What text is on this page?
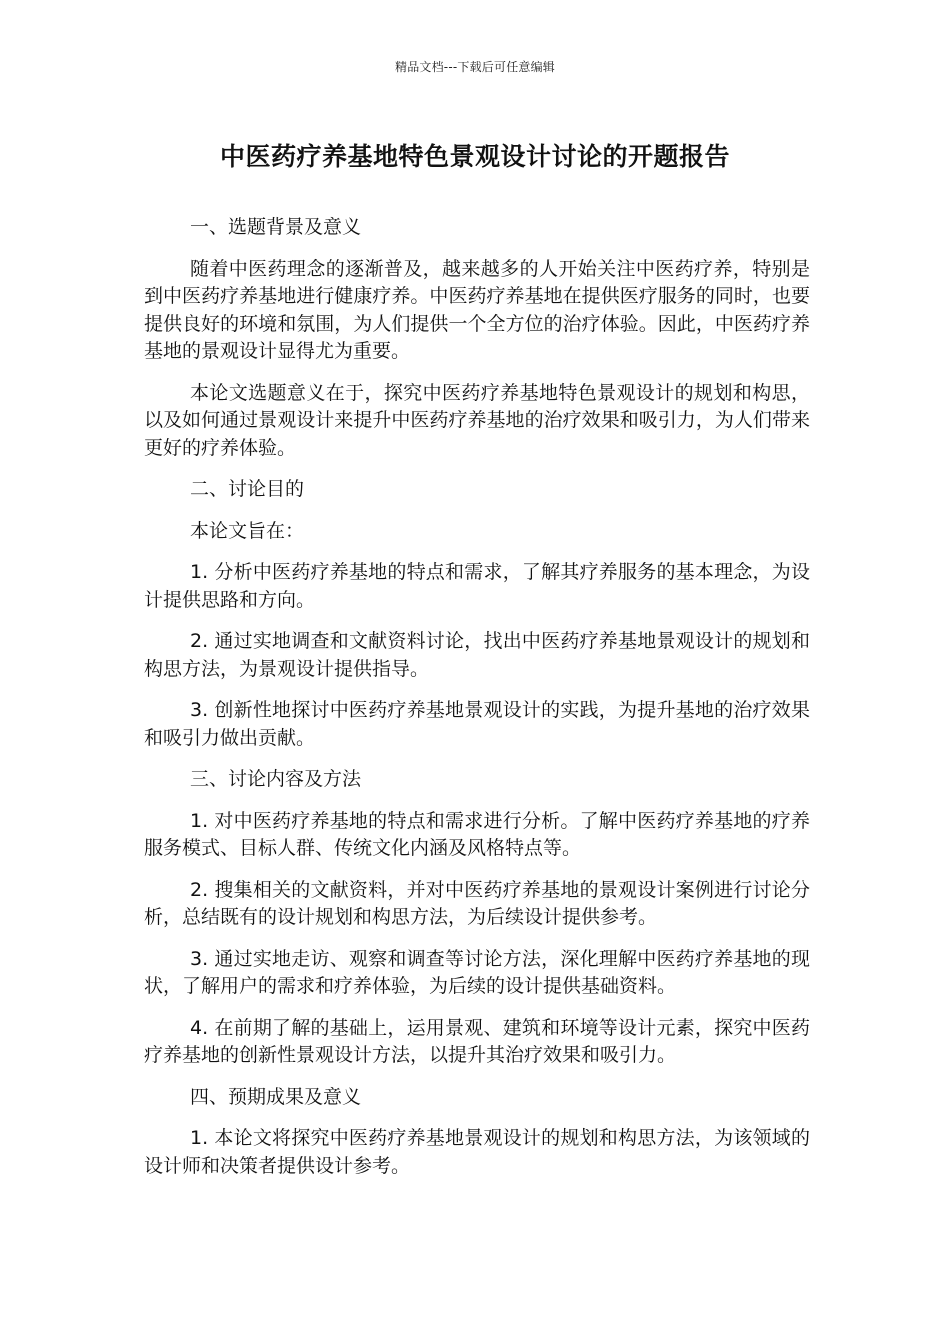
精品文档---下载后可任意编辑
中医药疗养基地特色景观设计讨论的开题报告

一、选题背景及意义

随着中医药理念的逐渐普及，越来越多的人开始关注中医药疗养，特别是到中医药疗养基地进行健康疗养。中医药疗养基地在提供医疗服务的同时，也要提供良好的环境和氛围，为人们提供一个全方位的治疗体验。因此，中医药疗养基地的景观设计显得尤为重要。

本论文选题意义在于，探究中医药疗养基地特色景观设计的规划和构思，以及如何通过景观设计来提升中医药疗养基地的治疗效果和吸引力，为人们带来更好的疗养体验。

二、讨论目的

本论文旨在：

1. 分析中医药疗养基地的特点和需求，了解其疗养服务的基本理念，为设计提供思路和方向。

2. 通过实地调查和文献资料讨论，找出中医药疗养基地景观设计的规划和构思方法，为景观设计提供指导。

3. 创新性地探讨中医药疗养基地景观设计的实践，为提升基地的治疗效果和吸引力做出贡献。

三、讨论内容及方法

1. 对中医药疗养基地的特点和需求进行分析。了解中医药疗养基地的疗养服务模式、目标人群、传统文化内涵及风格特点等。

2. 搜集相关的文献资料，并对中医药疗养基地的景观设计案例进行讨论分析，总结既有的设计规划和构思方法，为后续设计提供参考。

3. 通过实地走访、观察和调查等讨论方法，深化理解中医药疗养基地的现状，了解用户的需求和疗养体验，为后续的设计提供基础资料。

4. 在前期了解的基础上，运用景观、建筑和环境等设计元素，探究中医药疗养基地的创新性景观设计方法，以提升其治疗效果和吸引力。

四、预期成果及意义

1. 本论文将探究中医药疗养基地景观设计的规划和构思方法，为该领域的设计师和决策者提供设计参考。
